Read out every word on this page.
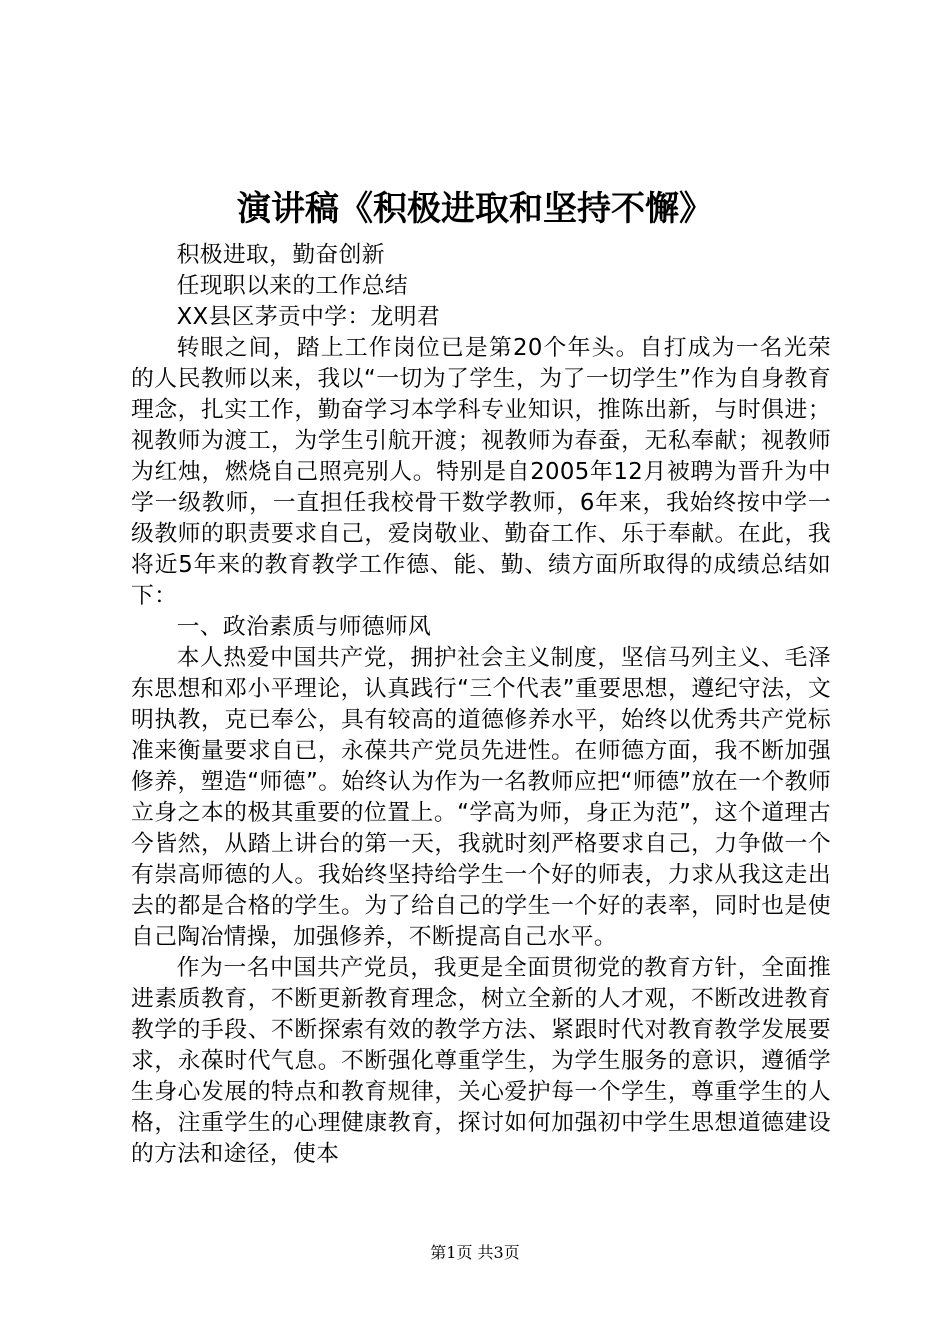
演讲稿《积极进取和坚持不懈》

积极进取，勤奋创新

任现职以来的工作总结

XX县区茅贡中学：龙明君

转眼之间，踏上工作岗位已是第20个年头。自打成为一名光荣的人民教师以来，我以“一切为了学生，为了一切学生”作为自身教育理念，扎实工作，勤奋学习本学科专业知识，推陈出新，与时俱进；视教师为渡工，为学生引航开渡；视教师为春蚕，无私奉献；视教师为红烛，燃烧自己照亮别人。特别是自2005年12月被聘为晋升为中学一级教师，一直担任我校骨干数学教师，6年来，我始终按中学一级教师的职责要求自己，爱岗敬业、勤奋工作、乐于奉献。在此，我将近5年来的教育教学工作德、能、勤、绩方面所取得的成绩总结如下：

一、政治素质与师德师风

本人热爱中国共产党，拥护社会主义制度，坚信马列主义、毛泽东思想和邓小平理论，认真践行“三个代表”重要思想，遵纪守法，文明执教，克已奉公，具有较高的道德修养水平，始终以优秀共产党标准来衡量要求自已，永葆共产党员先进性。在师德方面，我不断加强修养，塑造“师德”。始终认为作为一名教师应把“师德”放在一个教师立身之本的极其重要的位置上。“学高为师，身正为范”，这个道理古今皆然，从踏上讲台的第一天，我就时刻严格要求自己，力争做一个有崇高师德的人。我始终坚持给学生一个好的师表，力求从我这走出去的都是合格的学生。为了给自己的学生一个好的表率，同时也是使自己陶冶情操，加强修养，不断提高自己水平。

作为一名中国共产党员，我更是全面贯彻党的教育方针，全面推进素质教育，不断更新教育理念，树立全新的人才观，不断改进教育教学的手段、不断探索有效的教学方法、紧跟时代对教育教学发展要求，永葆时代气息。不断强化尊重学生，为学生服务的意识，遵循学生身心发展的特点和教育规律，关心爱护每一个学生，尊重学生的人格，注重学生的心理健康教育，探讨如何加强初中学生思想道德建设的方法和途径，使本

第1页 共3页
